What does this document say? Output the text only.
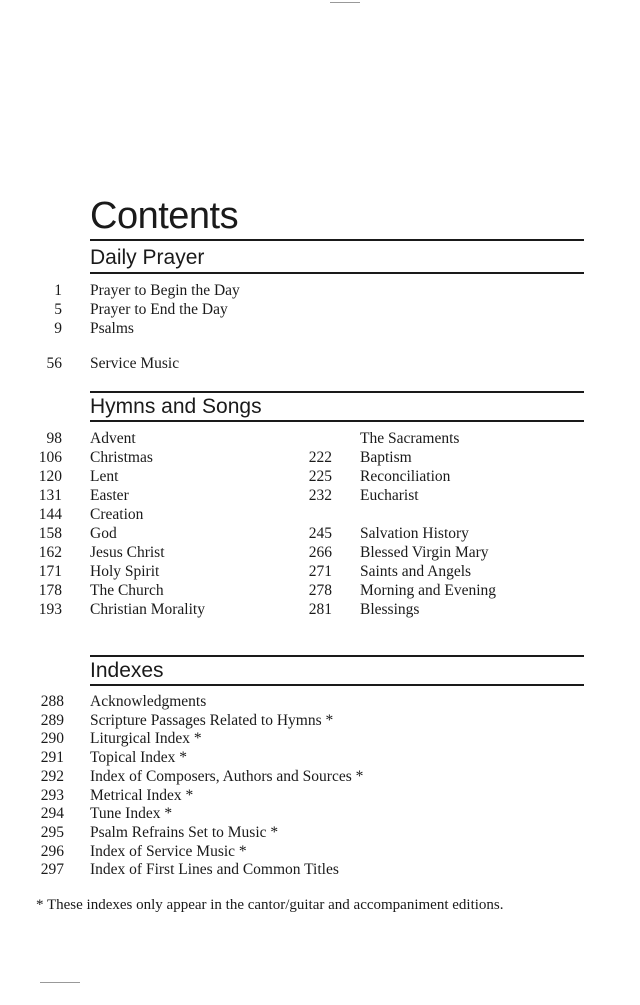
Contents
Daily Prayer
1 Prayer to Begin the Day
5 Prayer to End the Day
9 Psalms
56 Service Music
Hymns and Songs
98 Advent
106 Christmas
120 Lent
131 Easter
144 Creation
158 God
162 Jesus Christ
171 Holy Spirit
178 The Church
193 Christian Morality
The Sacraments
222 Baptism
225 Reconciliation
232 Eucharist
245 Salvation History
266 Blessed Virgin Mary
271 Saints and Angels
278 Morning and Evening
281 Blessings
Indexes
288 Acknowledgments
289 Scripture Passages Related to Hymns *
290 Liturgical Index *
291 Topical Index *
292 Index of Composers, Authors and Sources *
293 Metrical Index *
294 Tune Index *
295 Psalm Refrains Set to Music *
296 Index of Service Music *
297 Index of First Lines and Common Titles
* These indexes only appear in the cantor/guitar and accompaniment editions.
